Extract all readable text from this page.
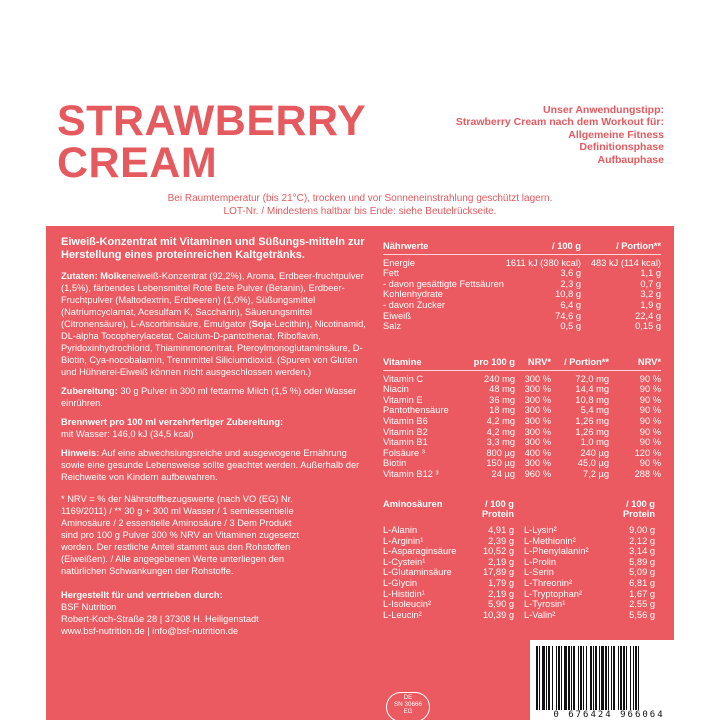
STRAWBERRY
CREAM
Unser Anwendungstipp:
Strawberry Cream nach dem Workout für:
Allgemeine Fitness
Definitionsphase
Aufbauphase
Bei Raumtemperatur (bis 21°C), trocken und vor Sonneneinstrahlung geschützt lagern.
LOT-Nr. / Mindestens haltbar bis Ende: siehe Beutelrückseite.

Eiweiß-Konzentrat mit Vitaminen und Süßungs-mitteln zur Herstellung eines proteinreichen Kaltgetränks.

Zutaten: Molkeneiweiß-Konzentrat (92,2%), Aroma, Erdbeer-fruchtpulver (1,5%), färbendes Lebensmittel Rote Bete Pulver (Betanin), Erdbeer-Fruchtpulver (Maltodextrin, Erdbeeren) (1,0%), Süßungsmittel (Natriumcyclamat, Acesulfam K, Saccharin), Säuerungsmittel (Citronensäure), L-Ascorbinsäure, Emulgator (Soja-Lecithin), Nicotinamid, DL-alpha Tocopherylacetat, Calcium-D-pantothenat, Riboflavin, Pyridoxinhydrochlorid, Thiaminmononitrat, Pteroylmonoglutaminsäure, D-Biotin, Cya-nocobalamin, Trennmittel Siliciumdioxid. (Spuren von Gluten und Hühnerei-Eiweiß können nicht ausgeschlossen werden.)

Zubereitung: 30 g Pulver in 300 ml fettarme Milch (1,5 %) oder Wasser einrühren.

Brennwert pro 100 ml verzehrfertiger Zubereitung:
mit Wasser: 146,0 kJ (34,5 kcal)

Hinweis: Auf eine abwechslungsreiche und ausgewogene Ernährung sowie eine gesunde Lebensweise sollte geachtet werden. Außerhalb der Reichweite von Kindern aufbewahren.

* NRV = % der Nährstoffbezugswerte (nach VO (EG) Nr. 1169/2011) / ** 30 g + 300 ml Wasser / 1 semiessentielle Aminosäure / 2 essentielle Aminosäure / 3 Dem Produkt sind pro 100 g Pulver 300 % NRV an Vitaminen zugesetzt worden. Der restliche Anteil stammt aus den Rohstoffen (Eiweißen). / Alle angegebenen Werte unterliegen den natürlichen Schwankungen der Rohstoffe.

Hergestellt für und vertrieben durch:
BSF Nutrition
Robert-Koch-Straße 28 | 37308 H. Heiligenstadt
www.bsf-nutrition.de | info@bsf-nutrition.de

Nährwerte	/ 100 g	/ Portion**
Energie	1611 kJ (380 kcal)	483 kJ (114 kcal)
Fett	3,6 g	1,1 g
- davon gesättigte Fettsäuren	2,3 g	0,7 g
Kohlenhydrate	10,8 g	3,2 g
- davon Zucker	6,4 g	1,9 g
Eiweiß	74,6 g	22,4 g
Salz	0,5 g	0,15 g
Vitamine	pro 100 g	NRV*	/ Portion**	NRV*
Vitamin C	240 mg	300 %	72,0 mg	90 %
Niacin	48 mg	300 %	14,4 mg	90 %
Vitamin E	36 mg	300 %	10,8 mg	90 %
Pantothensäure	18 mg	300 %	5,4 mg	90 %
Vitamin B6	4,2 mg	300 %	1,26 mg	90 %
Vitamin B2	4,2 mg	300 %	1,26 mg	90 %
Vitamin B1	3,3 mg	300 %	1,0 mg	90 %
Folsäure ³	800 µg	400 %	240 µg	120 %
Biotin	150 µg	300 %	45,0 µg	90 %
Vitamin B12 ³	24 µg	960 %	7,2 µg	288 %
Aminosäuren	/ 100 g Protein
/ 100 g Protein
L-Alanin	4,91 g
L-Arginin¹	2,39 g
L-Asparaginsäure	10,52 g
L-Cystein¹	2,19 g
L-Glutaminsäure	17,89 g
L-Glycin	1,79 g
L-Histidin¹	2,19 g
L-Isoleucin²	5,90 g
L-Leucin²	10,39 g
L-Lysin²	9,00 g
L-Methionin²	2,12 g
L-Phenylalanin²	3,14 g
L-Prolin	5,89 g
L-Serin	5,09 g
L-Threonin²	6,81 g
L-Tryptophan²	1,67 g
L-Tyrosin¹	2,55 g
L-Valin²	5,56 g
DE
SN 30666
EG	0 676424 966064
